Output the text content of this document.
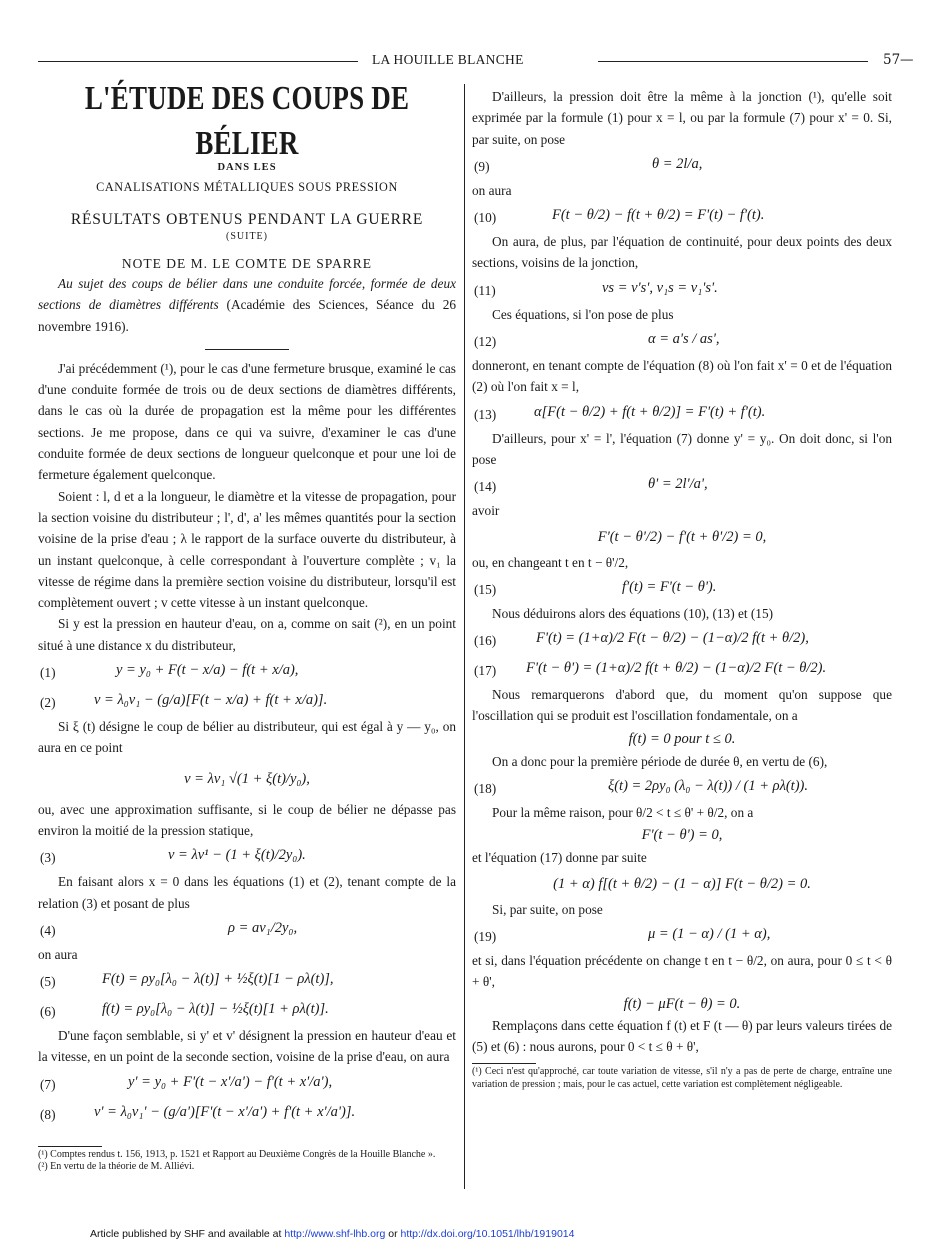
LA HOUILLE BLANCHE	57 —
L'ÉTUDE DES COUPS DE BÉLIER
DANS LES
CANALISATIONS MÉTALLIQUES SOUS PRESSION
RÉSULTATS OBTENUS PENDANT LA GUERRE
(SUITE)
NOTE DE M. LE COMTE DE SPARRE

Au sujet des coups de bélier dans une conduite forcée, formée de deux sections de diamètres différents (Académie des Sciences, Séance du 26 novembre 1916).

J'ai précédemment (¹), pour le cas d'une fermeture brusque, examiné le cas d'une conduite formée de trois ou de deux sections de diamètres différents, dans le cas où la durée de propagation est la même pour les différentes sections. Je me propose, dans ce qui va suivre, d'examiner le cas d'une conduite formée de deux sections de longueur quelconque et pour une loi de fermeture également quelconque.

Soient : l, d et a la longueur, le diamètre et la vitesse de propagation, pour la section voisine du distributeur ; l', d', a' les mêmes quantités pour la section voisine de la prise d'eau ; λ le rapport de la surface ouverte du distributeur, à un instant quelconque, à celle correspondant à l'ouverture complète ; v₁ la vitesse de régime dans la première section voisine du distributeur, lorsqu'il est complètement ouvert ; v cette vitesse à un instant quelconque.

Si y est la pression en hauteur d'eau, on a, comme on sait (²), en un point situé à une distance x du distributeur,

(1)	y = y₀ + F(t − x/a) − f(t + x/a),
(2)	v = λ₀v₁ − (g/a)[F(t − x/a) + f(t + x/a)].

Si ξ (t) désigne le coup de bélier au distributeur, qui est égal à y — y₀, on aura en ce point

v = λv₁ √(1 + ξ(t)/y₀),

ou, avec une approximation suffisante, si le coup de bélier ne dépasse pas environ la moitié de la pression statique,

(3)	v = λv¹ − (1 + ξ(t)/2y₀).

En faisant alors x = 0 dans les équations (1) et (2), tenant compte de la relation (3) et posant de plus

(4)	ρ = av₁/2y₀,

on aura

(5)	F(t) = ρy₀[λ₀ − λ(t)] + ½ξ(t)[1 − ρλ(t)],
(6)	f(t) = ρy₀[λ₀ − λ(t)] − ½ξ(t)[1 + ρλ(t)].

D'une façon semblable, si y' et v' désignent la pression en hauteur d'eau et la vitesse, en un point de la seconde section, voisine de la prise d'eau, on aura

(7)	y' = y₀ + F'(t − x'/a') − f'(t + x'/a'),
(8)	v' = λ₀v₁' − (g/a')[F'(t − x'/a') + f'(t + x'/a')].
(¹) Comptes rendus t. 156, 1913, p. 1521 et Rapport au Deuxième Congrès de la Houille Blanche ».
(²) En vertu de la théorie de M. Alliévi.

D'ailleurs, la pression doit être la même à la jonction (¹), qu'elle soit exprimée par la formule (1) pour x = l, ou par la formule (7) pour x' = 0. Si, par suite, on pose

(9)	θ = 2l/a,

on aura

(10)	F(t − θ/2) − f(t + θ/2) = F'(t) − f'(t).

On aura, de plus, par l'équation de continuité, pour deux points des deux sections, voisins de la jonction,

(11)	vs = v's', v₁s = v₁'s'.

Ces équations, si l'on pose de plus

(12)	α = a's / as',

donneront, en tenant compte de l'équation (8) où l'on fait x' = 0 et de l'équation (2) où l'on fait x = l,

(13)	α[F(t − θ/2) + f(t + θ/2)] = F'(t) + f'(t).

D'ailleurs, pour x' = l', l'équation (7) donne y' = y₀. On doit donc, si l'on pose

(14)	θ' = 2l'/a',

avoir

F'(t − θ'/2) − f'(t + θ'/2) = 0,

ou, en changeant t en t − θ'/2,

(15)	f'(t) = F'(t − θ').

Nous déduirons alors des équations (10), (13) et (15)

(16)	F'(t) = (1+α)/2 F(t − θ/2) − (1−α)/2 f(t + θ/2),
(17) F'(t − θ') = (1+α)/2 f(t + θ/2) − (1−α)/2 F(t − θ/2).

Nous remarquerons d'abord que, du moment qu'on suppose que l'oscillation qui se produit est l'oscillation fondamentale, on a

f(t) = 0 pour t ≤ 0.

On a donc pour la première période de durée θ, en vertu de (6),

(18)	ξ(t) = 2ρy₀ (λ₀ − λ(t)) / (1 + ρλ(t)).

Pour la même raison, pour θ/2 < t ≤ θ' + θ/2, on a

F'(t − θ') = 0,

et l'équation (17) donne par suite

(1 + α) f[(t + θ/2) − (1 − α)] F(t − θ/2) = 0.

Si, par suite, on pose

(19)	μ = (1 − α) / (1 + α),

et si, dans l'équation précédente on change t en t − θ/2, on aura, pour 0 ≤ t < θ + θ',

f(t) − μF(t − θ) = 0.

Remplaçons dans cette équation f (t) et F (t — θ) par leurs valeurs tirées de (5) et (6) : nous aurons, pour 0 < t ≤ θ + θ',

(¹) Ceci n'est qu'approché, car toute variation de vitesse, s'il n'y a pas de perte de charge, entraîne une variation de pression ; mais, pour le cas actuel, cette variation est complètement négligeable.
Article published by SHF and available at http://www.shf-lhb.org or http://dx.doi.org/10.1051/lhb/1919014
